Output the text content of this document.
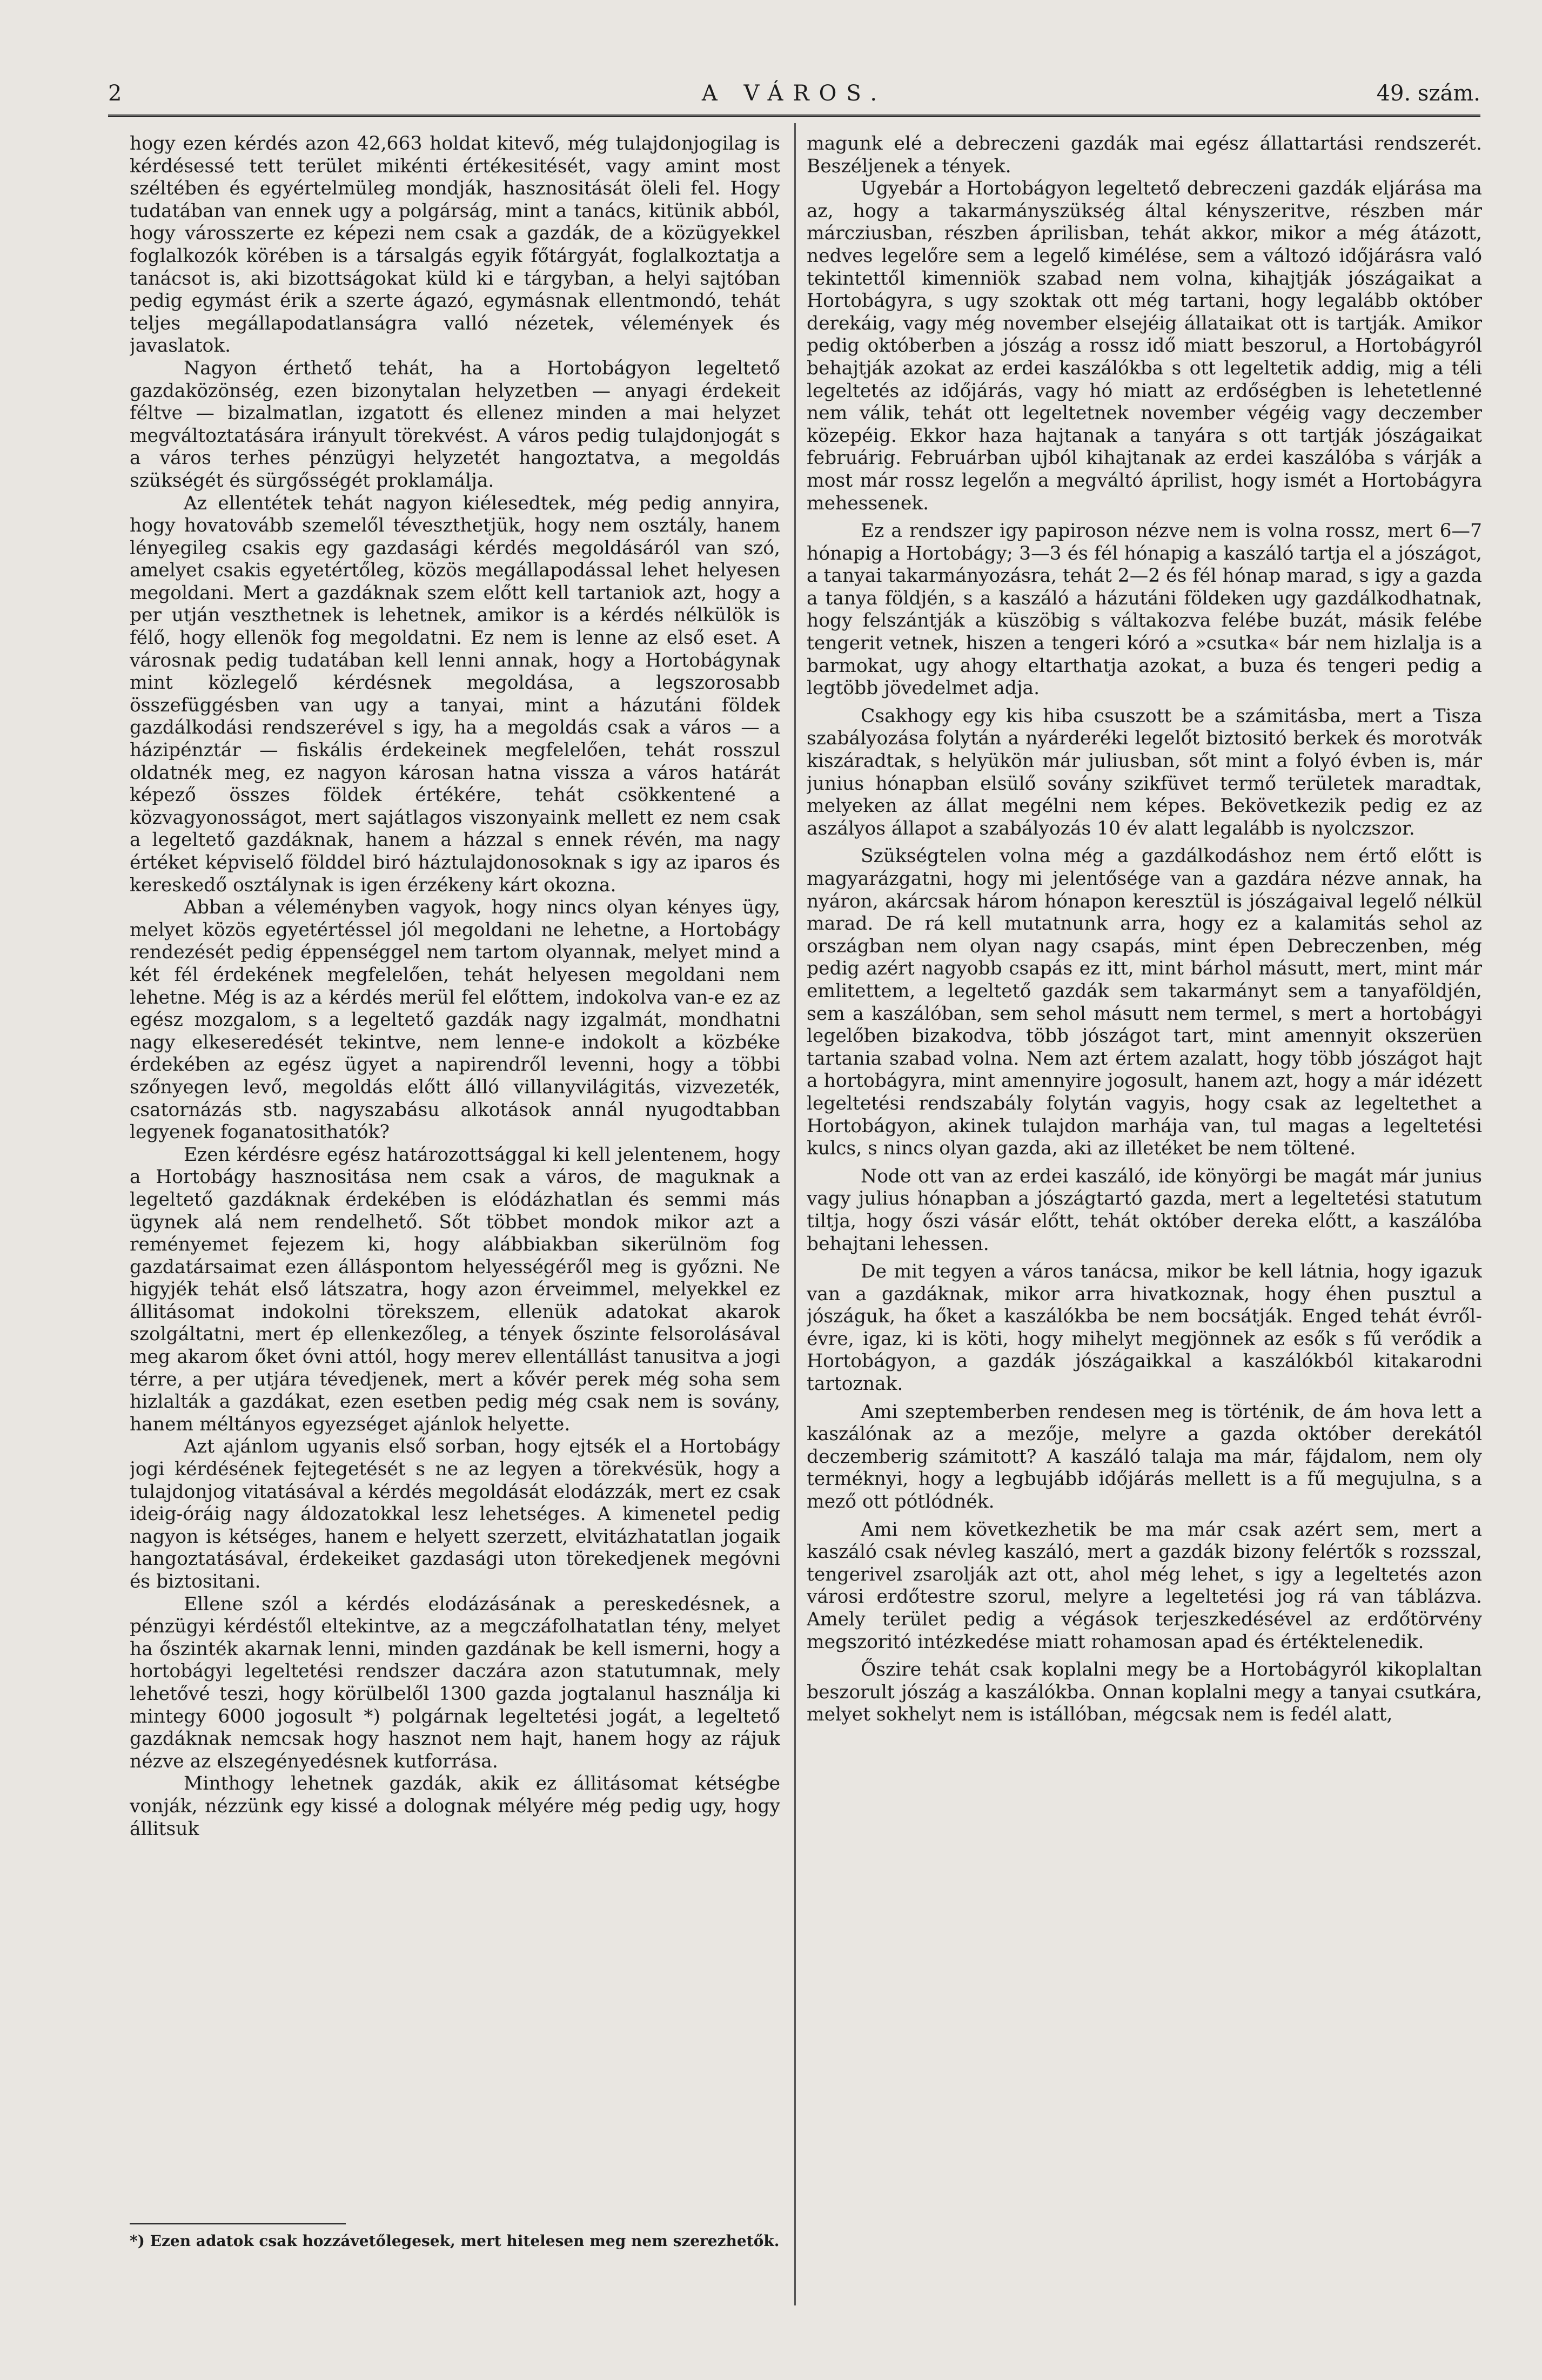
2	A VÁROS.	49. szám.

hogy ezen kérdés azon 42,663 holdat kitevő, még tulajdonjogilag is kérdésessé tett terület mikénti értékesitését, vagy amint most széltében és egyértelmüleg mondják, hasznositását öleli fel. Hogy tudatában van ennek ugy a polgárság, mint a tanács, kitünik abból, hogy városszerte ez képezi nem csak a gazdák, de a közügyekkel foglalkozók körében is a társalgás egyik főtárgyát, foglalkoztatja a tanácsot is, aki bizottságokat küld ki e tárgyban, a helyi sajtóban pedig egymást érik a szerte ágazó, egymásnak ellentmondó, tehát teljes megállapodatlanságra valló nézetek, vélemények és javaslatok.

Nagyon érthető tehát, ha a Hortobágyon legeltető gazdaközönség, ezen bizonytalan helyzetben — anyagi érdekeit féltve — bizalmatlan, izgatott és ellenez minden a mai helyzet megváltoztatására irányult törekvést. A város pedig tulajdonjogát s a város terhes pénzügyi helyzetét hangoztatva, a megoldás szükségét és sürgősségét proklamálja.

Az ellentétek tehát nagyon kiélesedtek, még pedig annyira, hogy hovatovább szemelől téveszthetjük, hogy nem osztály, hanem lényegileg csakis egy gazdasági kérdés megoldásáról van szó, amelyet csakis egyetértőleg, közös megállapodással lehet helyesen megoldani. Mert a gazdáknak szem előtt kell tartaniok azt, hogy a per utján veszthetnek is lehetnek, amikor is a kérdés nélkülök is félő, hogy ellenök fog megoldatni. Ez nem is lenne az első eset. A városnak pedig tudatában kell lenni annak, hogy a Hortobágynak mint közlegelő kérdésnek megoldása, a legszorosabb összefüggésben van ugy a tanyai, mint a házutáni földek gazdálkodási rendszerével s igy, ha a megoldás csak a város — a házipénztár — fiskális érdekeinek megfelelően, tehát rosszul oldatnék meg, ez nagyon károsan hatna vissza a város határát képező összes földek értékére, tehát csökkentené a közvagyonosságot, mert sajátlagos viszonyaink mellett ez nem csak a legeltető gazdáknak, hanem a házzal s ennek révén, ma nagy értéket képviselő földdel biró háztulajdonosoknak s igy az iparos és kereskedő osztálynak is igen érzékeny kárt okozna.

Abban a véleményben vagyok, hogy nincs olyan kényes ügy, melyet közös egyetértéssel jól megoldani ne lehetne, a Hortobágy rendezését pedig éppenséggel nem tartom olyannak, melyet mind a két fél érdekének megfelelően, tehát helyesen megoldani nem lehetne. Még is az a kérdés merül fel előttem, indokolva van-e ez az egész mozgalom, s a legeltető gazdák nagy izgalmát, mondhatni nagy elkeseredését tekintve, nem lenne-e indokolt a közbéke érdekében az egész ügyet a napirendről levenni, hogy a többi szőnyegen levő, megoldás előtt álló villanyvilágitás, vizvezeték, csatornázás stb. nagyszabásu alkotások annál nyugodtabban legyenek foganatosithatók?

Ezen kérdésre egész határozottsággal ki kell jelentenem, hogy a Hortobágy hasznositása nem csak a város, de maguknak a legeltető gazdáknak érdekében is elódázhatlan és semmi más ügynek alá nem rendelhető. Sőt többet mondok mikor azt a reményemet fejezem ki, hogy alábbiakban sikerülnöm fog gazdatársaimat ezen álláspontom helyességéről meg is győzni. Ne higyjék tehát első látszatra, hogy azon érveimmel, melyekkel ez állitásomat indokolni törekszem, ellenük adatokat akarok szolgáltatni, mert ép ellenkezőleg, a tények őszinte felsorolásával meg akarom őket óvni attól, hogy merev ellentállást tanusitva a jogi térre, a per utjára tévedjenek, mert a kővér perek még soha sem hizlalták a gazdákat, ezen esetben pedig még csak nem is sovány, hanem méltányos egyezséget ajánlok helyette.

Azt ajánlom ugyanis első sorban, hogy ejtsék el a Hortobágy jogi kérdésének fejtegetését s ne az legyen a törekvésük, hogy a tulajdonjog vitatásával a kérdés megoldását elodázzák, mert ez csak ideig-óráig nagy áldozatokkal lesz lehetséges. A kimenetel pedig nagyon is kétséges, hanem e helyett szerzett, elvitázhatatlan jogaik hangoztatásával, érdekeiket gazdasági uton törekedjenek megóvni és biztositani.

Ellene szól a kérdés elodázásának a pereskedésnek, a pénzügyi kérdéstől eltekintve, az a megczáfolhatatlan tény, melyet ha őszinték akarnak lenni, minden gazdának be kell ismerni, hogy a hortobágyi legeltetési rendszer daczára azon statutumnak, mely lehetővé teszi, hogy körülbelől 1300 gazda jogtalanul használja ki mintegy 6000 jogosult *) polgárnak legeltetési jogát, a legeltető gazdáknak nemcsak hogy hasznot nem hajt, hanem hogy az rájuk nézve az elszegényedésnek kutforrása.

Minthogy lehetnek gazdák, akik ez állitásomat kétségbe vonják, nézzünk egy kissé a dolognak mélyére még pedig ugy, hogy állitsuk

*) Ezen adatok csak hozzávetőlegesek, mert hitelesen meg nem szerezhetők.

magunk elé a debreczeni gazdák mai egész állattartási rendszerét. Beszéljenek a tények.

Ugyebár a Hortobágyon legeltető debreczeni gazdák eljárása ma az, hogy a takarmányszükség által kényszeritve, részben már márcziusban, részben áprilisban, tehát akkor, mikor a még átázott, nedves legelőre sem a legelő kimélése, sem a változó időjárásra való tekintettől kimenniök szabad nem volna, kihajtják jószágaikat a Hortobágyra, s ugy szoktak ott még tartani, hogy legalább október derekáig, vagy még november elsejéig állataikat ott is tartják. Amikor pedig októberben a jószág a rossz idő miatt beszorul, a Hortobágyról behajtják azokat az erdei kaszálókba s ott legeltetik addig, mig a téli legeltetés az időjárás, vagy hó miatt az erdőségben is lehetetlenné nem válik, tehát ott legeltetnek november végéig vagy deczember közepéig. Ekkor haza hajtanak a tanyára s ott tartják jószágaikat februárig. Februárban ujból kihajtanak az erdei kaszálóba s várják a most már rossz legelőn a megváltó áprilist, hogy ismét a Hortobágyra mehessenek.

Ez a rendszer igy papiroson nézve nem is volna rossz, mert 6—7 hónapig a Hortobágy; 3—3 és fél hónapig a kaszáló tartja el a jószágot, a tanyai takarmányozásra, tehát 2—2 és fél hónap marad, s igy a gazda a tanya földjén, s a kaszáló a házutáni földeken ugy gazdálkodhatnak, hogy felszántják a küszöbig s váltakozva felébe buzát, másik felébe tengerit vetnek, hiszen a tengeri kóró a »csutka« bár nem hizlalja is a barmokat, ugy ahogy eltarthatja azokat, a buza és tengeri pedig a legtöbb jövedelmet adja.

Csakhogy egy kis hiba csuszott be a számitásba, mert a Tisza szabályozása folytán a nyárderéki legelőt biztositó berkek és morotvák kiszáradtak, s helyükön már juliusban, sőt mint a folyó évben is, már junius hónapban elsülő sovány szikfüvet termő területek maradtak, melyeken az állat megélni nem képes. Bekövetkezik pedig ez az aszályos állapot a szabályozás 10 év alatt legalább is nyolczszor.

Szükségtelen volna még a gazdálkodáshoz nem értő előtt is magyarázgatni, hogy mi jelentősége van a gazdára nézve annak, ha nyáron, akárcsak három hónapon keresztül is jószágaival legelő nélkül marad. De rá kell mutatnunk arra, hogy ez a kalamitás sehol az országban nem olyan nagy csapás, mint épen Debreczenben, még pedig azért nagyobb csapás ez itt, mint bárhol másutt, mert, mint már emlitettem, a legeltető gazdák sem takarmányt sem a tanyaföldjén, sem a kaszálóban, sem sehol másutt nem termel, s mert a hortobágyi legelőben bizakodva, több jószágot tart, mint amennyit okszerüen tartania szabad volna. Nem azt értem azalatt, hogy több jószágot hajt a hortobágyra, mint amennyire jogosult, hanem azt, hogy a már idézett legeltetési rendszabály folytán vagyis, hogy csak az legeltethet a Hortobágyon, akinek tulajdon marhája van, tul magas a legeltetési kulcs, s nincs olyan gazda, aki az illetéket be nem töltené.

Node ott van az erdei kaszáló, ide könyörgi be magát már junius vagy julius hónapban a jószágtartó gazda, mert a legeltetési statutum tiltja, hogy őszi vásár előtt, tehát október dereka előtt, a kaszálóba behajtani lehessen.

De mit tegyen a város tanácsa, mikor be kell látnia, hogy igazuk van a gazdáknak, mikor arra hivatkoznak, hogy éhen pusztul a jószáguk, ha őket a kaszálókba be nem bocsátják. Enged tehát évről-évre, igaz, ki is köti, hogy mihelyt megjönnek az esők s fű verődik a Hortobágyon, a gazdák jószágaikkal a kaszálókból kitakarodni tartoznak.

Ami szeptemberben rendesen meg is történik, de ám hova lett a kaszálónak az a mezője, melyre a gazda október derekától deczemberig számitott? A kaszáló talaja ma már, fájdalom, nem oly terméknyi, hogy a legbujább időjárás mellett is a fű megujulna, s a mező ott pótlódnék.

Ami nem következhetik be ma már csak azért sem, mert a kaszáló csak névleg kaszáló, mert a gazdák bizony felértők s rozsszal, tengerivel zsarolják azt ott, ahol még lehet, s igy a legeltetés azon városi erdőtestre szorul, melyre a legeltetési jog rá van táblázva. Amely terület pedig a végások terjeszkedésével az erdőtörvény megszoritó intézkedése miatt rohamosan apad és értéktelenedik.

Őszire tehát csak koplalni megy be a Hortobágyról kikoplaltan beszorult jószág a kaszálókba. Onnan koplalni megy a tanyai csutkára, melyet sokhelyt nem is istállóban, mégcsak nem is fedél alatt,
